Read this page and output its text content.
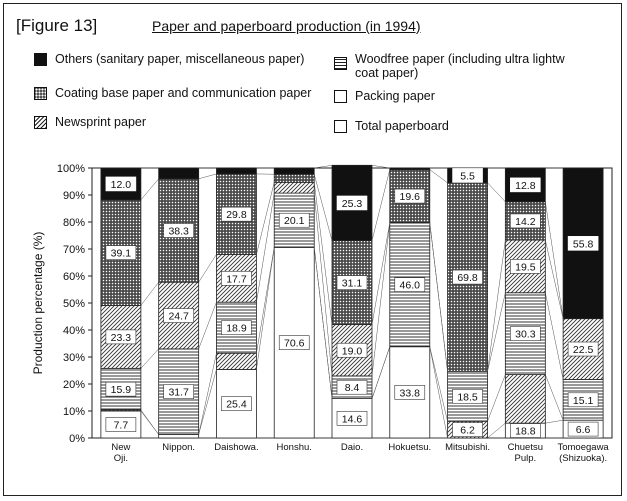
[Figure 13]	Paper and paperboard production (in 1994)
Others (sanitary paper, miscellaneous paper)
Coating base paper and communication paper
Newsprint paper
Woodfree paper (including ultra lightw
coat paper)
Packing paper
Total paperboard
0%
10%
20%
30%
40%
50%
60%
70%
80%
90%
100%
Production percentage (%)
New
Oji.
Nippon. Daishowa. Honshu.	Daio.	Hokuetsu. Mitsubishi. Chuetsu
Pulp.
Tomoegawa
(Shizuoka).
7.7
15.9
23.3
39.1
12.0
31.7
24.7
38.3
25.4
18.9
17.7
29.8
70.6
20.1
14.6
8.4
19.0
31.1
25.3
33.8
46.0
19.6
6.2
18.5
69.8
5.5
18.8
30.3
19.5
14.2
12.8
6.6
15.1
22.5
55.8
